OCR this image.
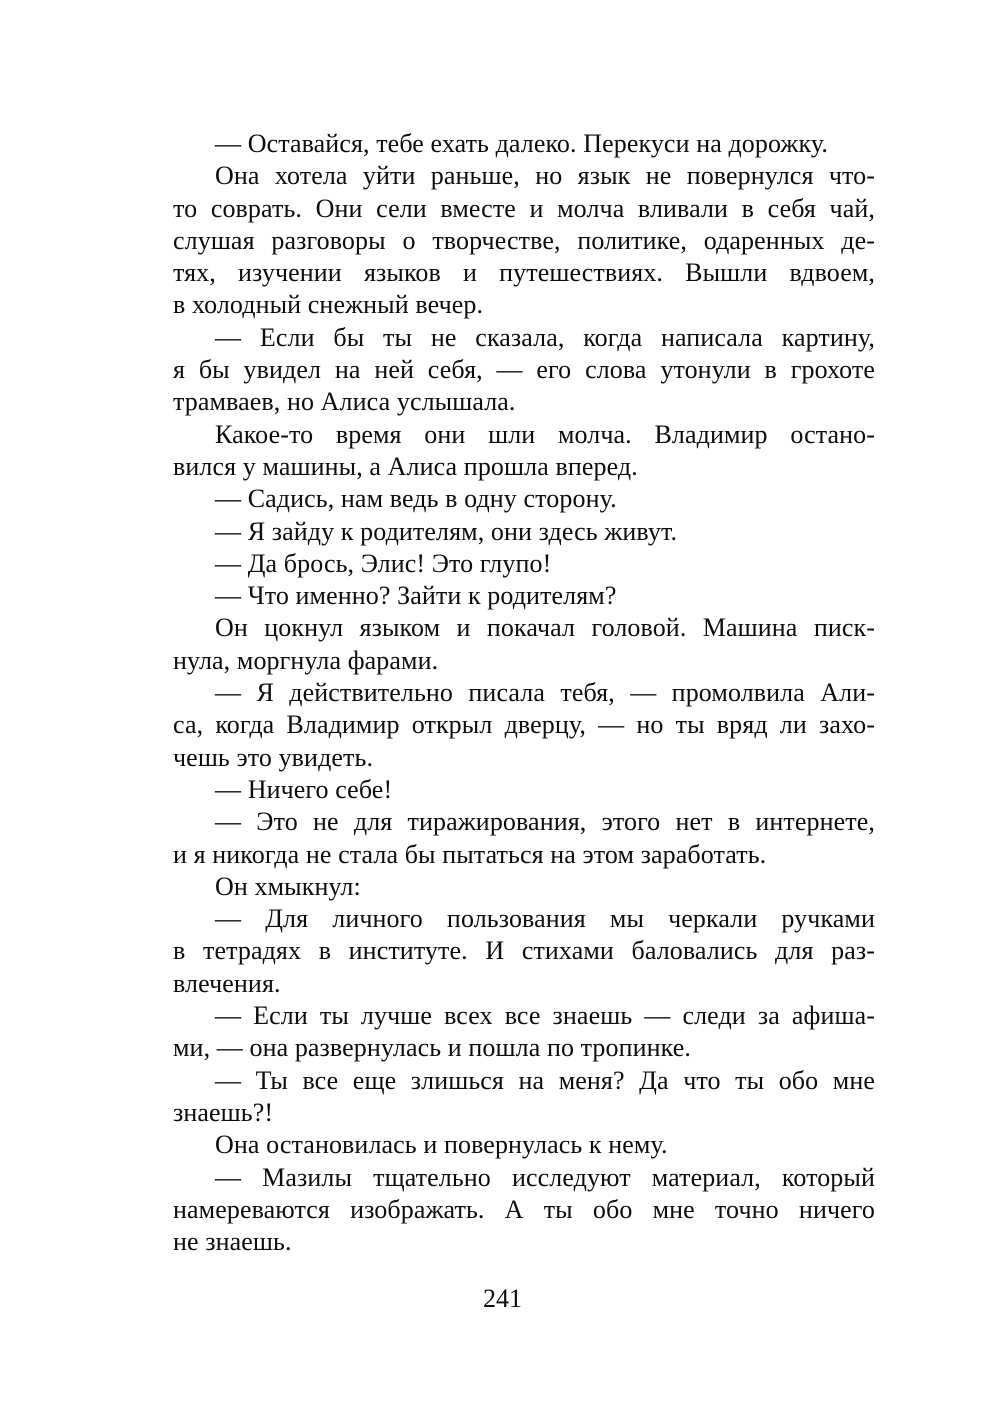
— Оставайся, тебе ехать далеко. Перекуси на дорожку.
Она хотела уйти раньше, но язык не повернулся что-
то соврать. Они сели вместе и молча вливали в себя чай,
слушая разговоры о творчестве, политике, одаренных де-
тях, изучении языков и путешествиях. Вышли вдвоем,
в холодный снежный вечер.
— Если бы ты не сказала, когда написала картину,
я бы увидел на ней себя, — его слова утонули в грохоте
трамваев, но Алиса услышала.
Какое-то время они шли молча. Владимир остано-
вился у машины, а Алиса прошла вперед.
— Садись, нам ведь в одну сторону.
— Я зайду к родителям, они здесь живут.
— Да брось, Элис! Это глупо!
— Что именно? Зайти к родителям?
Он цокнул языком и покачал головой. Машина писк-
нула, моргнула фарами.
— Я действительно писала тебя, — промолвила Али-
са, когда Владимир открыл дверцу, — но ты вряд ли захо-
чешь это увидеть.
— Ничего себе!
— Это не для тиражирования, этого нет в интернете,
и я никогда не стала бы пытаться на этом заработать.
Он хмыкнул:
— Для личного пользования мы черкали ручками
в тетрадях в институте. И стихами баловались для раз-
влечения.
— Если ты лучше всех все знаешь — следи за афиша-
ми, — она развернулась и пошла по тропинке.
— Ты все еще злишься на меня? Да что ты обо мне
знаешь?!
Она остановилась и повернулась к нему.
— Мазилы тщательно исследуют материал, который
намереваются изображать. А ты обо мне точно ничего
не знаешь.
241
